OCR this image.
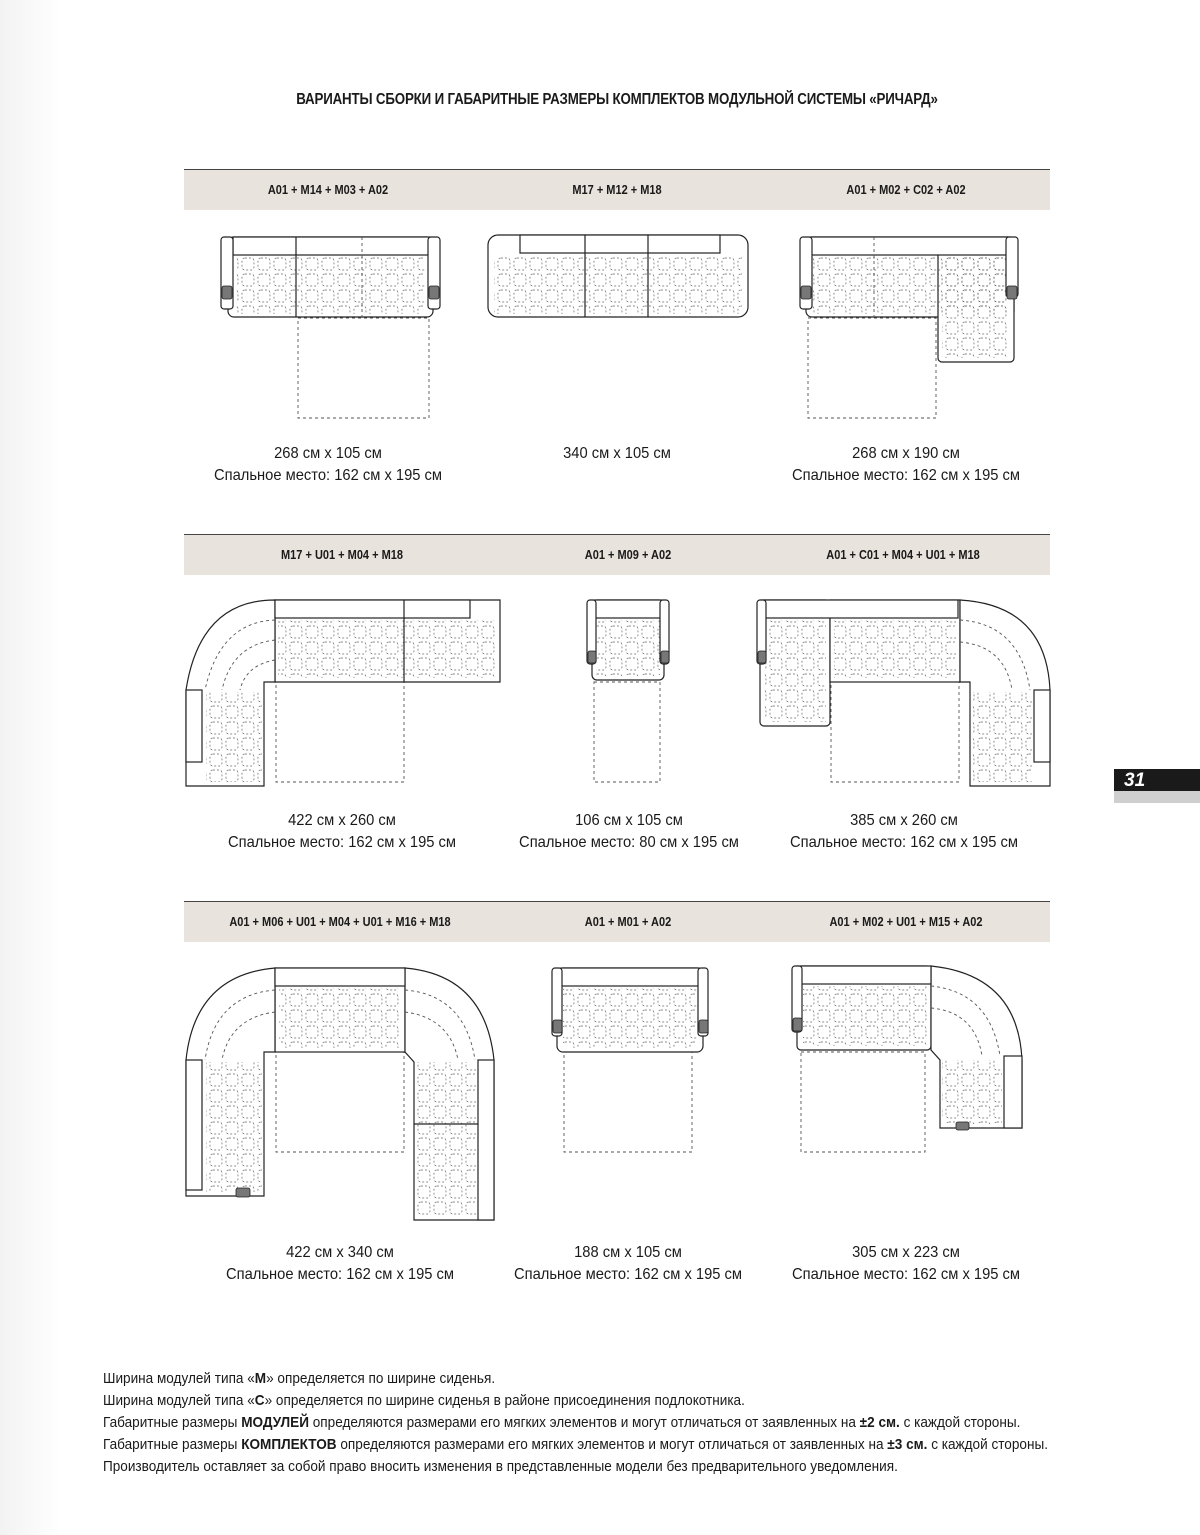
ВАРИАНТЫ СБОРКИ И ГАБАРИТНЫЕ РАЗМЕРЫ КОМПЛЕКТОВ МОДУЛЬНОЙ СИСТЕМЫ «РИЧАРД»
A01 + M14 + M03 + A02	M17 + M12 + M18	A01 + M02 + C02 + A02
M17 + U01 + M04 + M18	A01 + M09 + A02	A01 + C01 + M04 + U01 + M18
A01 + M06 + U01 + M04 + U01 + M16 + M18	A01 + M01 + A02	A01 + M02 + U01 + M15 + A02
268 см х 105 см
Спальное место: 162 см х 195 см
340 см х 105 см	268 см х 190 см
Спальное место: 162 см х 195 см
422 см х 260 см
Спальное место: 162 см х 195 см
106 см х 105 см
Спальное место: 80 см х 195 см
385 см х 260 см
Спальное место: 162 см х 195 см
422 см х 340 см
Спальное место: 162 см х 195 см
188 см х 105 см
Спальное место: 162 см х 195 см
305 см х 223 см
Спальное место: 162 см х 195 см
31
Ширина модулей типа «М» определяется по ширине сиденья.
Ширина модулей типа «С» определяется по ширине сиденья в районе присоединения подлокотника.
Габаритные размеры МОДУЛЕЙ определяются размерами его мягких элементов и могут отличаться от заявленных на ±2 см. с каждой стороны.
Габаритные размеры КОМПЛЕКТОВ определяются размерами его мягких элементов и могут отличаться от заявленных на ±3 см. с каждой стороны.
Производитель оставляет за собой право вносить изменения в представленные модели без предварительного уведомления.
